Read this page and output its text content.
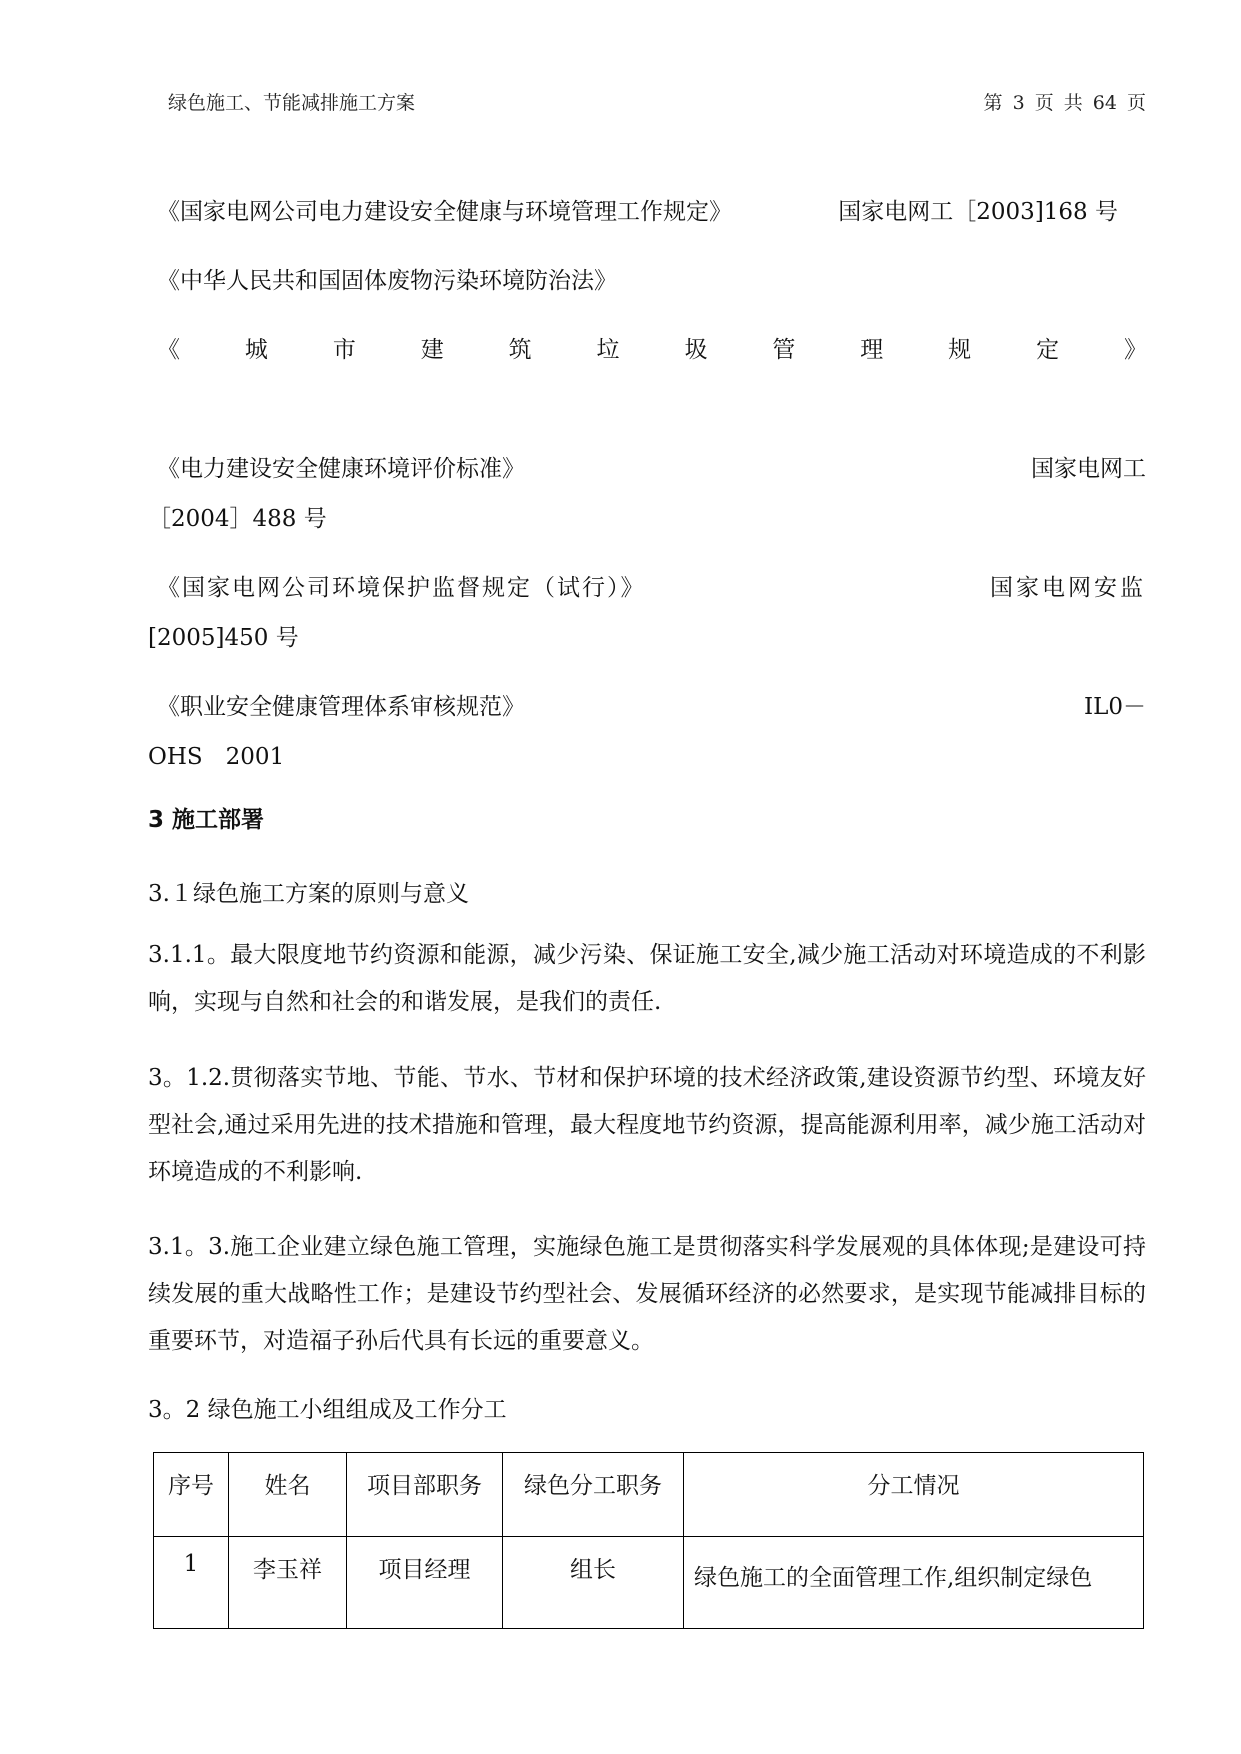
绿色施工、节能减排施工方案	第 3 页 共 64 页
《国家电网公司电力建设安全健康与环境管理工作规定》	国家电网工［2003]168 号
《中华人民共和国固体废物污染环境防治法》
《	城	市	建	筑	垃	圾	管	理	规	定	》
《电力建设安全健康环境评价标准》	国家电网工
［2004］488 号
《国家电网公司环境保护监督规定（试行）》	国家电网安监
[2005]450 号
《职业安全健康管理体系审核规范》	IL0－
OHS　2001
3 施工部署
3.１绿色施工方案的原则与意义
3.1.1。最大限度地节约资源和能源，减少污染、保证施工安全,减少施工活动对环境造成的不利影响，实现与自然和社会的和谐发展，是我们的责任.
3。1.2.贯彻落实节地、节能、节水、节材和保护环境的技术经济政策,建设资源节约型、环境友好型社会,通过采用先进的技术措施和管理，最大程度地节约资源，提高能源利用率，减少施工活动对环境造成的不利影响.
3.1。3.施工企业建立绿色施工管理，实施绿色施工是贯彻落实科学发展观的具体体现;是建设可持续发展的重大战略性工作；是建设节约型社会、发展循环经济的必然要求，是实现节能减排目标的重要环节，对造福子孙后代具有长远的重要意义。
3。2 绿色施工小组组成及工作分工
序号	姓名	项目部职务	绿色分工职务	分工情况
1	李玉祥	项目经理	组长	绿色施工的全面管理工作,组织制定绿色
